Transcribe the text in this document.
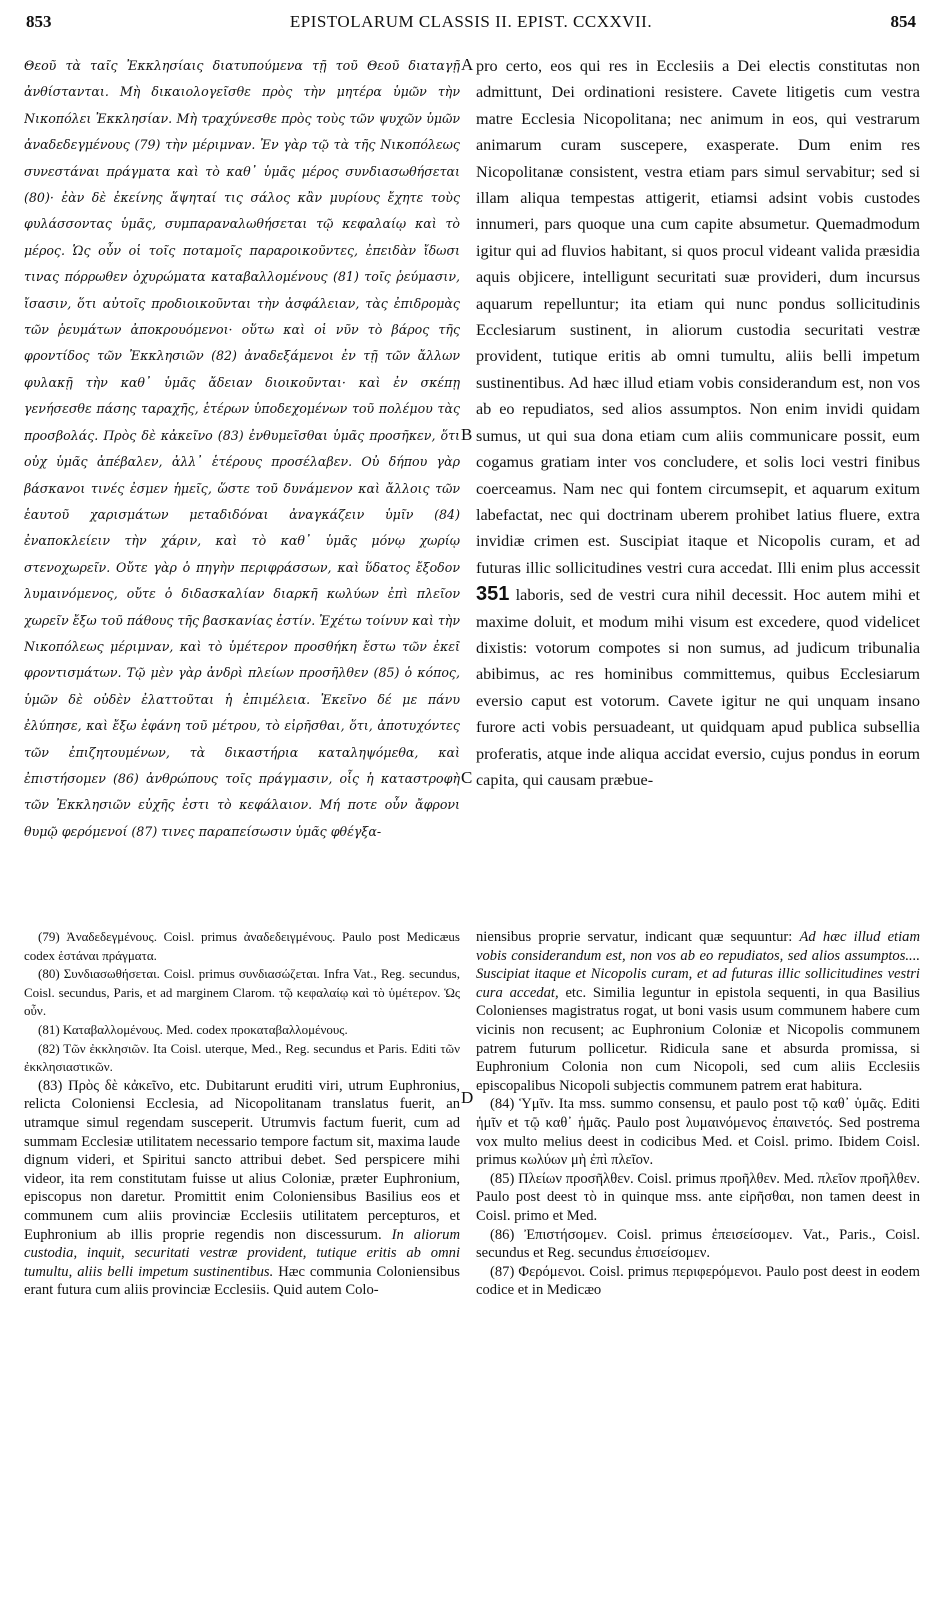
853	EPISTOLARUM CLASSIS II. EPIST. CCXXVII.	854
Θεοῦ τὰ ταῖς Ἐκκλησίαις διατυπούμενα τῇ τοῦ Θεοῦ διαταγῇ ἀνθίστανται. Μὴ δικαιολογεῖσθε πρὸς τὴν μητέρα ὑμῶν τὴν Νικοπόλει Ἐκκλησίαν. Μὴ τραχύνεσθε πρὸς τοὺς τῶν ψυχῶν ὑμῶν ἀναδεδεγμένους (79) τὴν μέριμναν. Ἐν γὰρ τῷ τὰ τῆς Νικοπόλεως συνεστάναι πράγματα καὶ τὸ καθ᾽ ὑμᾶς μέρος συνδιασωθήσεται (80)· ἐὰν δὲ ἐκείνης ἅψηταί τις σάλος κἂν μυρίους ἔχητε τοὺς φυλάσσοντας ὑμᾶς, συμπαραναλωθήσεται τῷ κεφαλαίῳ καὶ τὸ μέρος. Ὡς οὖν οἱ τοῖς ποταμοῖς παραροικοῦντες, ἐπειδὰν ἴδωσι τινας πόρρωθεν ὀχυρώματα καταβαλλομένους (81) τοῖς ῥεύμασιν, ἴσασιν, ὅτι αὐτοῖς προδιοικοῦνται τὴν ἀσφάλειαν, τὰς ἐπιδρομὰς τῶν ῥευμάτων ἀποκρουόμενοι· οὕτω καὶ οἱ νῦν τὸ βάρος τῆς φροντίδος τῶν Ἐκκλησιῶν (82) ἀναδεξάμενοι ἐν τῇ τῶν ἄλλων φυλακῇ τὴν καθ᾽ ὑμᾶς ἄδειαν διοικοῦνται· καὶ ἐν σκέπῃ γενήσεσθε πάσης ταραχῆς, ἑτέρων ὑποδεχομένων τοῦ πολέμου τὰς προσβολάς. Πρὸς δὲ κἀκεῖνο (83) ἐνθυμεῖσθαι ὑμᾶς προσῆκεν, ὅτι οὐχ ὑμᾶς ἀπέβαλεν, ἀλλ᾽ ἑτέρους προσέλαβεν. Οὐ δήπου γὰρ βάσκανοι τινές ἐσμεν ἡμεῖς, ὥστε τοῦ δυνάμενον καὶ ἄλλοις τῶν ἑαυτοῦ χαρισμάτων μεταδιδόναι ἀναγκάζειν ὑμῖν (84) ἐναποκλείειν τὴν χάριν, καὶ τὸ καθ᾽ ὑμᾶς μόνῳ χωρίῳ στενοχωρεῖν. Οὔτε γὰρ ὁ πηγὴν περιφράσσων, καὶ ὕδατος ἔξοδον λυμαινόμενος, οὔτε ὁ διδασκαλίαν διαρκῆ κωλύων ἐπὶ πλεῖον χωρεῖν ἔξω τοῦ πάθους τῆς βασκανίας ἐστίν. Ἐχέτω τοίνυν καὶ τὴν Νικοπόλεως μέριμναν, καὶ τὸ ὑμέτερον προσθήκη ἔστω τῶν ἐκεῖ φροντισμάτων. Τῷ μὲν γὰρ ἀνδρὶ πλείων προσῆλθεν (85) ὁ κόπος, ὑμῶν δὲ οὐδὲν ἐλαττοῦται ἡ ἐπιμέλεια. Ἐκεῖνο δέ με πάνυ ἐλύπησε, καὶ ἔξω ἐφάνη τοῦ μέτρου, τὸ εἰρῆσθαι, ὅτι, ἀποτυχόντες τῶν ἐπιζητουμένων, τὰ δικαστήρια καταληψόμεθα, καὶ ἐπιστήσομεν (86) ἀνθρώπους τοῖς πράγμασιν, οἷς ἡ καταστροφὴ τῶν Ἐκκλησιῶν εὐχῆς ἐστι τὸ κεφάλαιον. Μή ποτε οὖν ἄφρονι θυμῷ φερόμενοί (87) τινες παραπείσωσιν ὑμᾶς φθέγξα-
pro certo, eos qui res in Ecclesiis a Dei electis constitutas non admittunt, Dei ordinationi resistere. Cavete litigetis cum vestra matre Ecclesia Nicopolitana; nec animum in eos, qui vestrarum animarum curam suscepere, exasperate. Dum enim res Nicopolitanæ consistent, vestra etiam pars simul servabitur; sed si illam aliqua tempestas attigerit, etiamsi adsint vobis custodes innumeri, pars quoque una cum capite absumetur. Quemadmodum igitur qui ad fluvios habitant, si quos procul videant valida præsidia aquis objicere, intelligunt securitati suæ provideri, dum incursus aquarum repelluntur; ita etiam qui nunc pondus sollicitudinis Ecclesiarum sustinent, in aliorum custodia securitati vestræ provident, tutique eritis ab omni tumultu, aliis belli impetum sustinentibus. Ad hæc illud etiam vobis considerandum est, non vos ab eo repudiatos, sed alios assumptos. Non enim invidi quidam sumus, ut qui sua dona etiam cum aliis communicare possit, eum cogamus gratiam inter vos concludere, et solis loci vestri finibus coerceamus. Nam nec qui fontem circumsepit, et aquarum exitum labefactat, nec qui doctrinam uberem prohibet latius fluere, extra invidiæ crimen est. Suscipiat itaque et Nicopolis curam, et ad futuras illic sollicitudines vestri cura accedat. Illi enim plus accessit 351 laboris, sed de vestri cura nihil decessit. Hoc autem mihi et maxime doluit, et modum mihi visum est excedere, quod videlicet dixistis: votorum compotes si non sumus, ad judicum tribunalia abibimus, ac res hominibus committemus, quibus Ecclesiarum eversio caput est votorum. Cavete igitur ne qui unquam insano furore acti vobis persuadeant, ut quidquam apud publica subsellia proferatis, atque inde aliqua accidat eversio, cujus pondus in eorum capita, qui causam præbue-
A
B
C
D

(79) Ἀναδεδεγμένους. Coisl. primus ἀναδεδειγμένους. Paulo post Medicæus codex ἑστάναι πράγματα.

(80) Συνδιασωθήσεται. Coisl. primus συνδιασώζεται. Infra Vat., Reg. secundus, Coisl. secundus, Paris, et ad marginem Clarom. τῷ κεφαλαίῳ καὶ τὸ ὑμέτερον. Ὡς οὖν.

(81) Καταβαλλομένους. Med. codex προκαταβαλλομένους.

(82) Τῶν ἐκκλησιῶν. Ita Coisl. uterque, Med., Reg. secundus et Paris. Editi τῶν ἐκκλησιαστικῶν.

(83) Πρὸς δὲ κἀκεῖνο, etc. Dubitarunt eruditi viri, utrum Euphronius, relicta Coloniensi Ecclesia, ad Nicopolitanam translatus fuerit, an utramque simul regendam susceperit. Utrumvis factum fuerit, cum ad summam Ecclesiæ utilitatem necessario tempore factum sit, maxima laude dignum videri, et Spiritui sancto attribui debet. Sed perspicere mihi videor, ita rem constitutam fuisse ut alius Coloniæ, præter Euphronium, episcopus non daretur. Promittit enim Coloniensibus Basilius eos et communem cum aliis provinciæ Ecclesiis utilitatem percepturos, et Euphronium ab illis proprie regendis non discessurum. In aliorum custodia, inquit, securitati vestræ provident, tutique eritis ab omni tumultu, aliis belli impetum sustinentibus. Hæc communia Coloniensibus erant futura cum aliis provinciæ Ecclesiis. Quid autem Colo-

niensibus proprie servatur, indicant quæ sequuntur: Ad hæc illud etiam vobis considerandum est, non vos ab eo repudiatos, sed alios assumptos.... Suscipiat itaque et Nicopolis curam, et ad futuras illic sollicitudines vestri cura accedat, etc. Similia leguntur in epistola sequenti, in qua Basilius Colonienses magistratus rogat, ut boni vasis usum communem habere cum vicinis non recusent; ac Euphronium Coloniæ et Nicopolis communem patrem futurum pollicetur. Ridicula sane et absurda promissa, si Euphronium Colonia non cum Nicopoli, sed cum aliis Ecclesiis episcopalibus Nicopoli subjectis communem patrem erat habitura.

(84) Ὑμῖν. Ita mss. summo consensu, et paulo post τῷ καθ᾽ ὑμᾶς. Editi ἡμῖν et τῷ καθ᾽ ἡμᾶς. Paulo post λυμαινόμενος ἐπαινετός. Sed postrema vox multo melius deest in codicibus Med. et Coisl. primo. Ibidem Coisl. primus κωλύων μὴ ἐπὶ πλεῖον.

(85) Πλείων προσῆλθεν. Coisl. primus προῆλθεν. Med. πλεῖον προῆλθεν. Paulo post deest τὸ in quinque mss. ante εἰρῆσθαι, non tamen deest in Coisl. primo et Med.

(86) Ἐπιστήσομεν. Coisl. primus ἐπεισείσομεν. Vat., Paris., Coisl. secundus et Reg. secundus ἐπισείσομεν.

(87) Φερόμενοι. Coisl. primus περιφερόμενοι. Paulo post deest in eodem codice et in Medicæo
